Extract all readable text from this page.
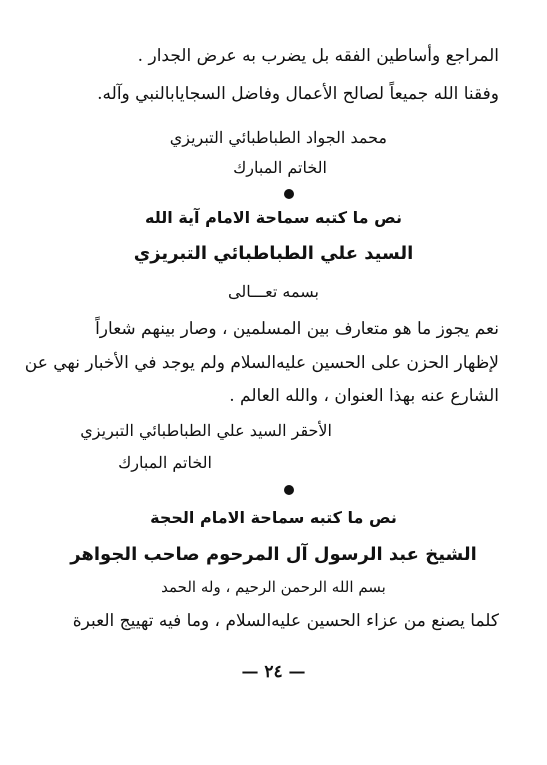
المراجع وأساطين الفقه بل يضرب به عرض الجدار .
وفقنا الله جميعاً لصالح الأعمال وفاضل السجايابالنبي وآله.
محمد الجواد الطباطبائي التبريزي
الخاتم المبارك
نص ما كتبه سماحة الامام آية الله
السيد علي الطباطبائي التبريزي
بسمه تعـــالى
نعم يجوز ما هو متعارف بين المسلمين ، وصار بينهم شعاراً
لإظهار الحزن على الحسين عليه‌السلام ولم يوجد في الأخبار نهي عن
الشارع عنه بهذا العنوان ، والله العالم .
الأحقر السيد علي الطباطبائي التبريزي
الخاتم المبارك
نص ما كتبه سماحة الامام الحجة
الشيخ عبد الرسول آل المرحوم صاحب الجواهر
بسم الله الرحمن الرحيم ، وله الحمد
كلما يصنع من عزاء الحسين عليه‌السلام ، وما فيه تهييج العبرة
— ٢٤ —
